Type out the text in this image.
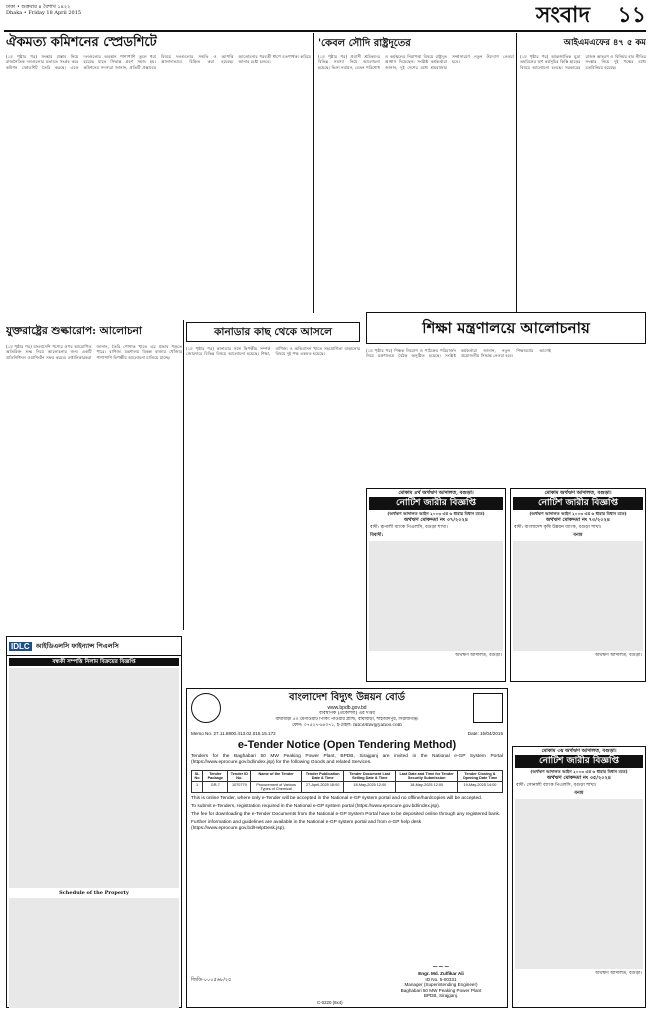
ঢাকা • শুক্রবার ৪ বৈশাখ ১৪২২
Dhaka • Friday 18 April 2015	সংবাদ	১১
ঐকমত্য কমিশনের স্প্রেডশিটে	'কেবল সৌদি রাষ্ট্রদূতের	আইএমএফের ৪৭ ৫ কম
(১ম পৃষ্ঠার পর) সংস্কার প্রস্তাব নিয়ে রাজনৈতিক দলগুলোর মতামত সংগ্রহ করে কমিশন স্প্রেডশিট তৈরি করছে। এতে দলগুলোর অবস্থান পাশাপাশি তুলে ধরা হয়েছে যাতে সিদ্ধান্ত গ্রহণ সহজ হয়। কমিশনের সদস্যরা জানান, প্রতিটি প্রস্তাবের বিষয়ে দলগুলোর সম্মতি ও আপত্তি আলাদাভাবে চিহ্নিত করা হয়েছে। আলোচনার পরবর্তী ধাপে মতপার্থক্য কমিয়ে আনার চেষ্টা চলবে।
(১ম পৃষ্ঠার পর) প্রবাসী শ্রমিকদের বিভিন্ন সমস্যা নিয়ে আলোচনা হয়েছে। ভিসা নবায়ন, বেতন পরিশোধ ও কর্মস্থলের নিরাপত্তা বিষয়ে রাষ্ট্রদূত আশ্বাস দিয়েছেন। সংশ্লিষ্ট কর্মকর্তারা জানান, দুই দেশের মধ্যে শ্রমবাজার সম্প্রসারণে নতুন উদ্যোগ নেওয়া হবে।
(১ম পৃষ্ঠার পর) আন্তর্জাতিক মুদ্রা তহবিলের ঋণ কর্মসূচির কিস্তি ছাড়ের বিষয়ে আলোচনা চলছে। সরকারের রাজস্ব আহরণ ও বিনিময় হার নীতির সংস্কার নিয়ে দুই পক্ষের মধ্যে মতবিনিময় হয়েছে।
যুক্তরাষ্ট্রের শুল্কারোপ: আলোচনা	কানাডার কাছ থেকে আসলে	শিক্ষা মন্ত্রণালয়ে আলোচনায়
(১ম পৃষ্ঠার পর) বাংলাদেশি পণ্যের ওপর আরোপিত অতিরিক্ত শুল্ক নিয়ে আলোচনার জন্য একটি প্রতিনিধিদল ওয়াশিংটন সফর করবে। রপ্তানিকারকরা জানান, তৈরি পোশাক খাতে এর প্রভাব পড়তে পারে। বাণিজ্য মন্ত্রণালয় বিকল্প বাজার খোঁজার পাশাপাশি দ্বিপক্ষীয় আলোচনা চালিয়ে যাচ্ছে।
(১ম পৃষ্ঠার পর) কানাডার সঙ্গে দ্বিপক্ষীয় সম্পর্ক জোরদারে বিভিন্ন বিষয়ে আলোচনা হয়েছে। শিক্ষা, বাণিজ্য ও অভিবাসন খাতে সহযোগিতা বাড়ানোর বিষয়ে দুই পক্ষ একমত হয়েছে।
(১ম পৃষ্ঠার পর) শিক্ষক নিয়োগ ও পাঠ্যক্রম পরিমার্জন নিয়ে মন্ত্রণালয়ে বৈঠক অনুষ্ঠিত হয়েছে। সংশ্লিষ্ট কর্মকর্তারা জানান, নতুন শিক্ষাবর্ষের আগেই প্রয়োজনীয় সিদ্ধান্ত নেওয়া হবে।
IDLC আইডিএলসি ফাইন্যান্স পিএলসি
বন্ধকী সম্পত্তি নিলাম বিক্রয়ের বিজ্ঞপ্তি
Schedule of the Property
মোকাম ৪র্থ অর্থঋণ আদালত, বগুড়া।
নোটিশ জারীর বিজ্ঞপ্তি
(অর্থঋণ আদালত আইন ২০০৩ এর ৬ ধারার বিধান মতে)
অর্থঋণ মোকদ্দমা নং ৩৭/২০২৪
বাদী: রূপালী ব্যাংক পিএলসি, বগুড়া শাখা।
বিবাদী:
অর্থঋণ আদালত, বগুড়া।
মোকাম অর্থঋণ আদালত, বগুড়া।
নোটিশ জারীর বিজ্ঞপ্তি
(অর্থঋণ আদালত আইন ২০০৩ এর ৬ ধারার বিধান মতে)
অর্থঋণ মোকদ্দমা নং ৭৩/২০২৪
বাদী: বাংলাদেশ কৃষি উন্নয়ন ব্যাংক, বগুড়া শাখা।
বনাম
অর্থঋণ আদালত, বগুড়া।
বাংলাদেশ বিদ্যুৎ উন্নয়ন বোর্ড
www.bpdb.gov.bd
ব্যবস্থাপক (প্রকৌশল) এর দপ্তর
বাঘাবাড়ী ৫০ মেগাওয়াট পিকিং পাওয়ার প্ল্যান্ট, বাঘাবাড়ী, শাহজাদপুর, সিরাজগঞ্জ।
ফোন: ০৭৫২৭-৬৪০৭১, ই-মেইল: mb50mw@yahoo.com
Memo No. 27.11.8800.413.02.015.15.172	Date: 15/04/2015
e-Tender Notice (Open Tendering Method)
Tenders for the Baghabari 50 MW Peaking Power Plant, BPDB, Sirajganj are invited in the National e-GP System Portal (https://www.eprocure.gov.bd/index.jsp) for the following Goods and related Services.
SL No	Tender Package	Tender ID No.	Name of the Tender	Tender Publication Date & Time	Tender Document Last Selling Date & Time	Last Date and Time for Tender Security Submission	Tender Closing & Opening Date Time
1	GR-7	1070779	Procurement of Various Types of Chemical	27-April-2025 18:00	18-May-2025 12:00	18-May-2025 12:00	19-May-2025 14:00
This is online Tender, where only e-Tender will be accepted in the National e-GP system portal and no offline/hardcopies will be accepted.
To submit e-Tenders, registration required in the National e-GP system portal (https://www.eprocure.gov.bd/index.jsp).
The fee for downloading the e-Tender Documents from the National e-GP System Portal have to be deposited online through any registered bank.
Further information and guidelines are available in the National e-GP system portal and from e-GP help desk (https://www.eprocure.gov.bd/HelpDesk.jsp).
জিডি-০০০৫৬৮/২৫
~~~
Engr. Md. Zulfikar Ali
ID No. 5-00331
Manager (Superintending Engineer)
Baghabari 50 MW Peaking Power Plant
BPDB, Sirajganj.
C-0220 (6x4)
মোকাম ৩য় অর্থঋণ আদালত, বগুড়া।
নোটিশ জারীর বিজ্ঞপ্তি
(অর্থঋণ আদালত আইন ২০০৩ এর ৬ ধারার বিধান মতে)
অর্থঋণ মোকদ্দমা নং ৩৫/২০২৪
বাদী: সোনালী ব্যাংক পিএলসি, বগুড়া শাখা।
বনাম
অর্থঋণ আদালত, বগুড়া।
